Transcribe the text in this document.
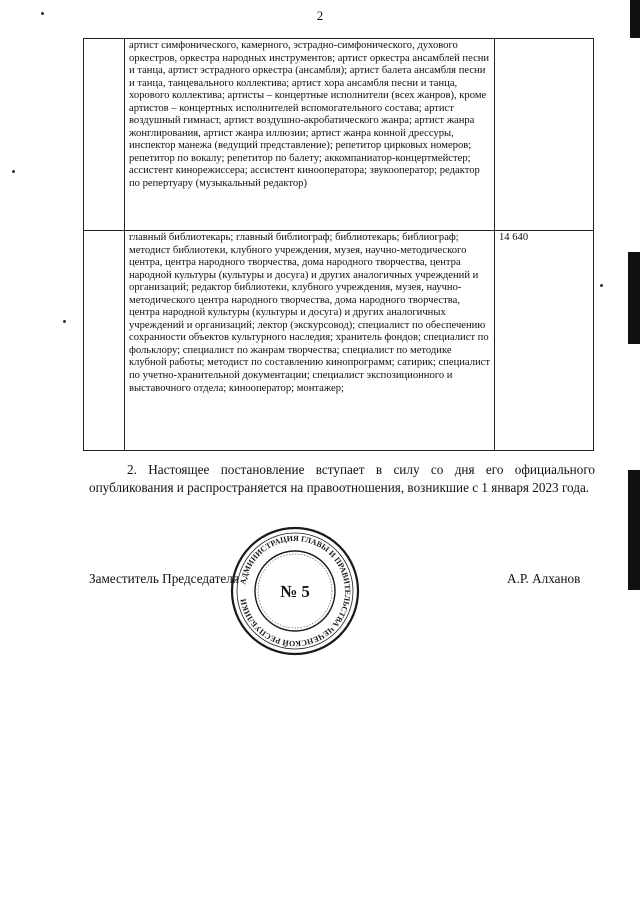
2
	артист симфонического, камерного, эстрадно-симфонического, духового оркестров, оркестра народных инструментов; артист оркестра ансамблей песни и танца, артист эстрадного оркестра (ансамбля); артист балета ансамбля песни и танца, танцевального коллектива; артист хора ансамбля песни и танца, хорового коллектива; артисты – концертные исполнители (всех жанров), кроме артистов – концертных исполнителей вспомогательного состава; артист воздушный гимнаст, артист воздушно-акробатического жанра; артист жанра жонглирования, артист жанра иллюзии; артист жанра конной дрессуры, инспектор манежа (ведущий представление); репетитор цирковых номеров; репетитор по вокалу; репетитор по балету; аккомпаниатор-концертмейстер; ассистент кинорежиссера; ассистент кинооператора; звукооператор; редактор по репертуару (музыкальный редактор)	
	главный библиотекарь; главный библиограф; библиотекарь; библиограф; методист библиотеки, клубного учреждения, музея, научно-методического центра, центра народного творчества, дома народного творчества, центра народной культуры (культуры и досуга) и других аналогичных учреждений и организаций; редактор библиотеки, клубного учреждения, музея, научно-методического центра народного творчества, дома народного творчества, центра народной культуры (культуры и досуга) и других аналогичных учреждений и организаций; лектор (экскурсовод); специалист по обеспечению сохранности объектов культурного наследия; хранитель фондов; специалист по фольклору; специалист по жанрам творчества; специалист по методике клубной работы; методист по составлению кинопрограмм; сатирик; специалист по учетно-хранительной документации; специалист экспозиционного и выставочного отдела; кинооператор; монтажер;	14 640

2. Настоящее постановление вступает в силу со дня его официального опубликования и распространяется на правоотношения, возникшие с 1 января 2023 года.

Заместитель Председателя	А.Р. Алханов
АДМИНИСТРАЦИЯ ГЛАВЫ И ПРАВИТЕЛЬСТВА ЧЕЧЕНСКОЙ РЕСПУБЛИКИ
№ 5
